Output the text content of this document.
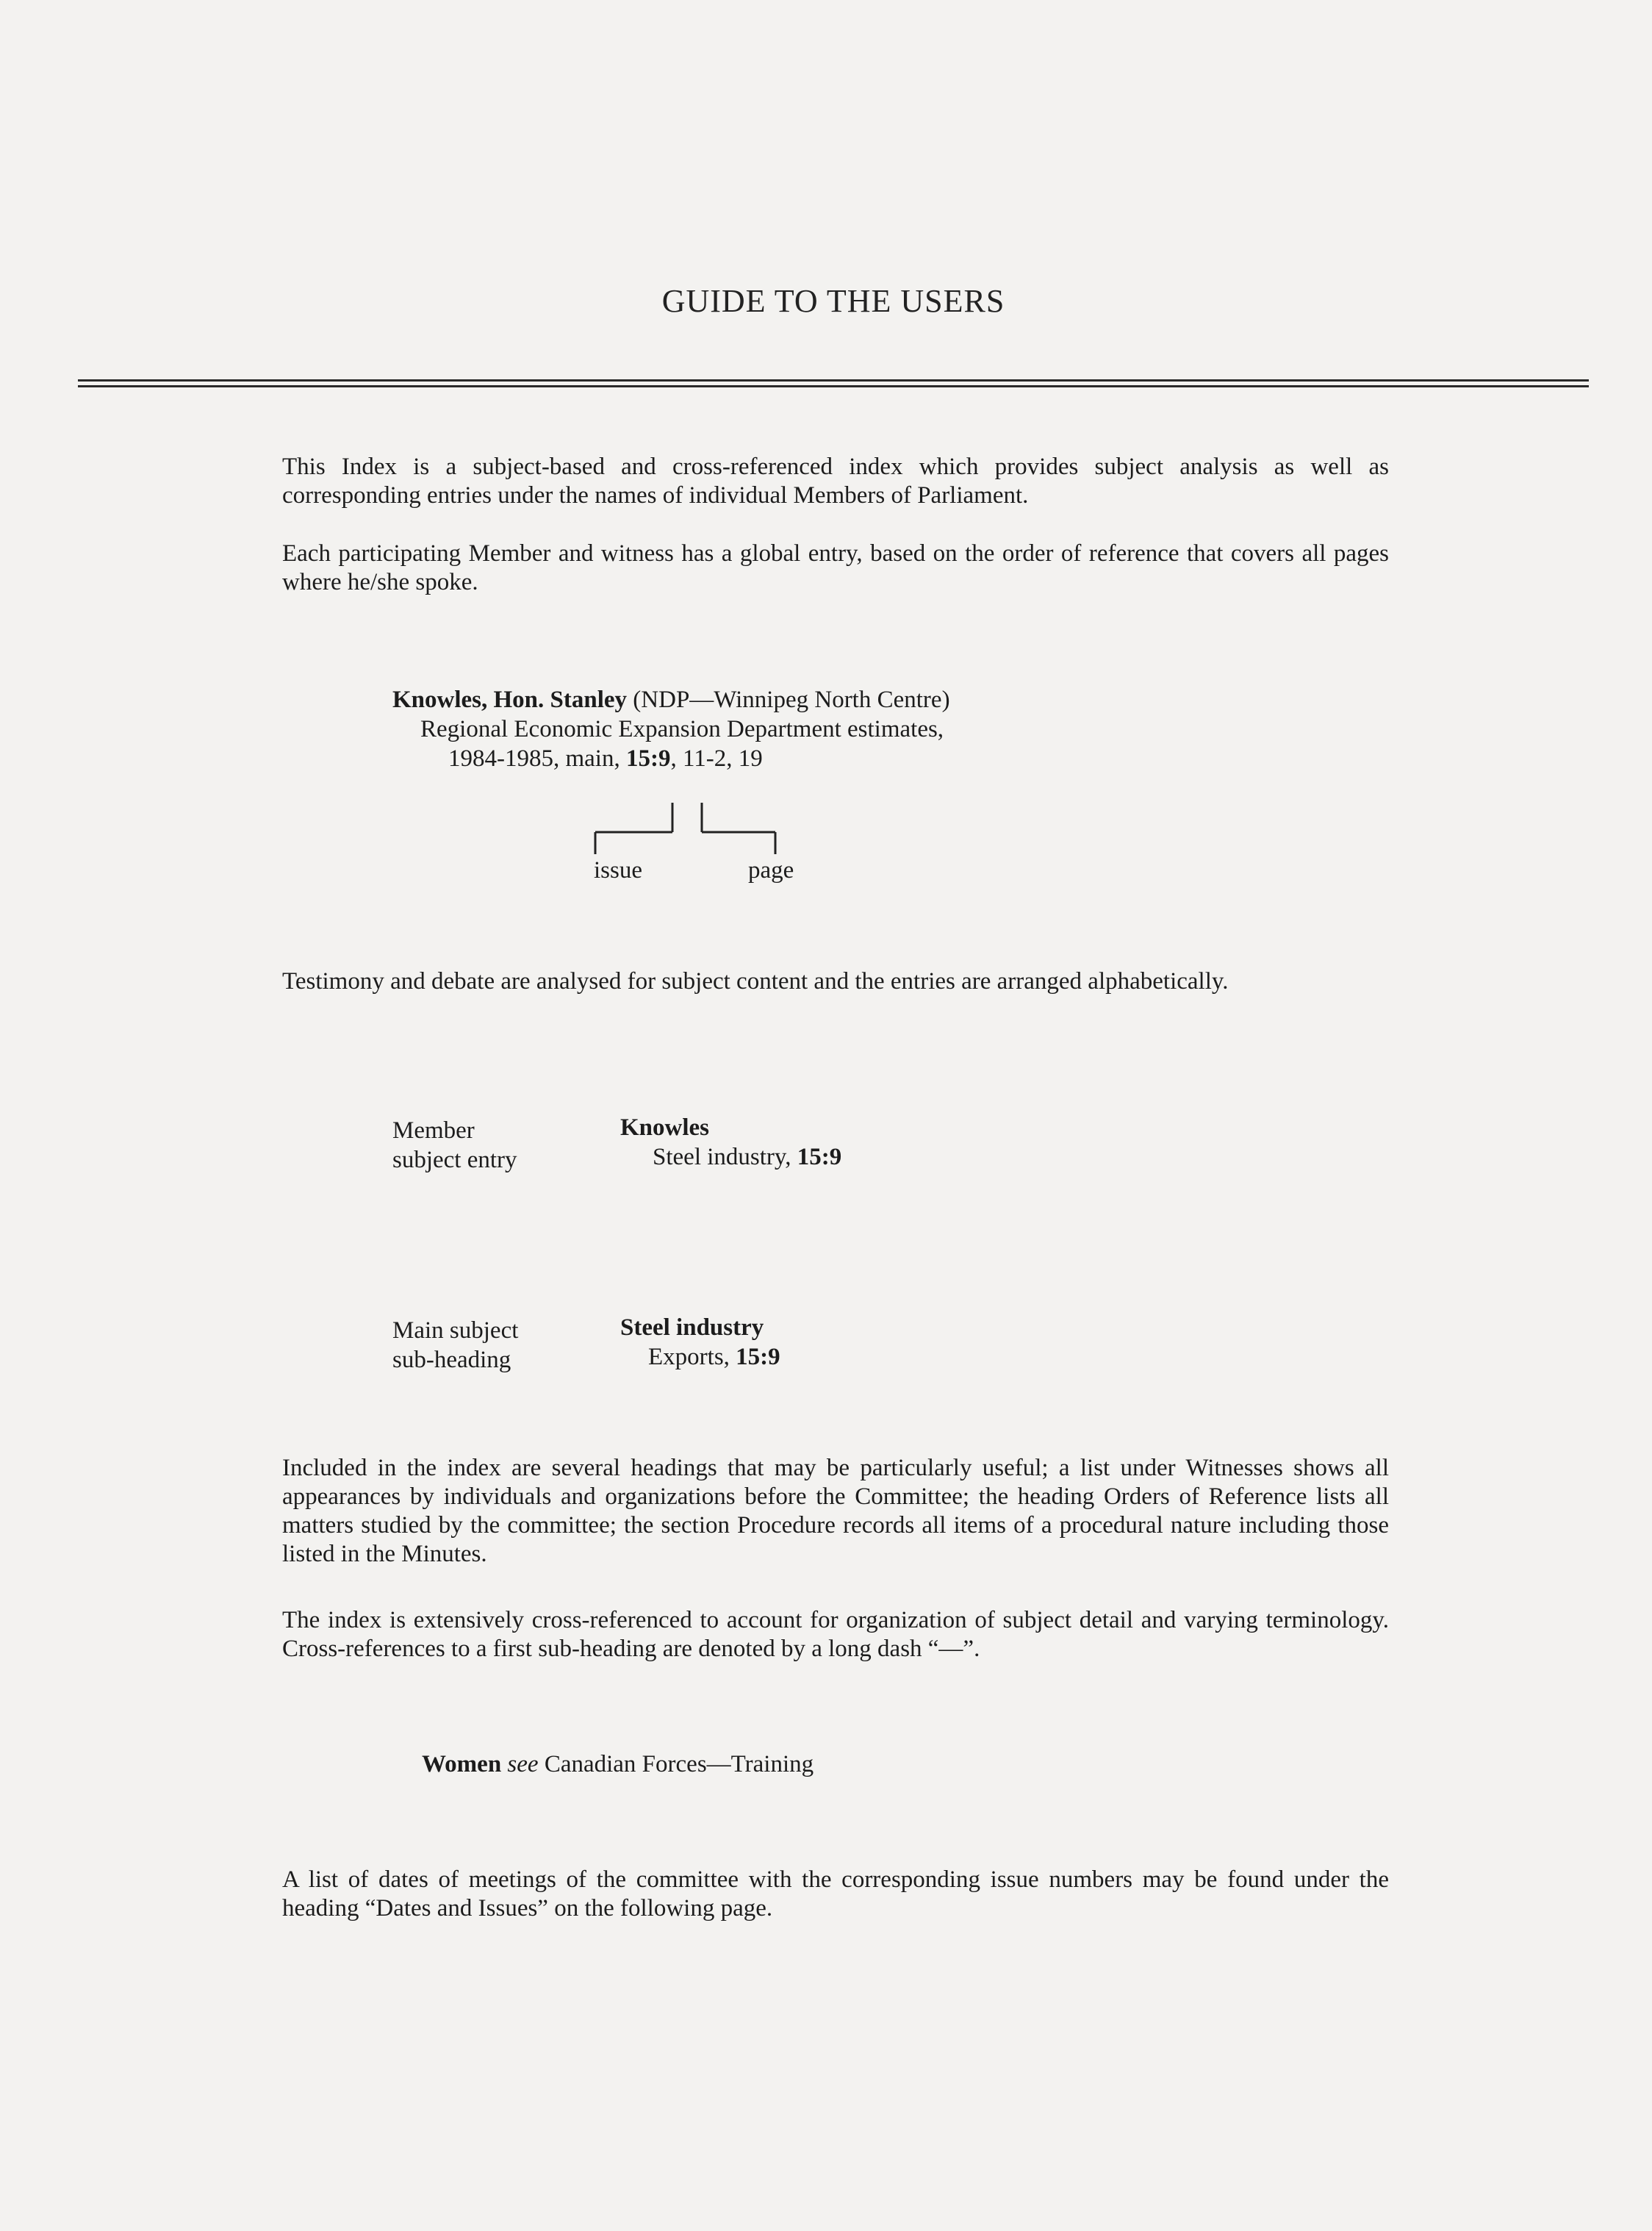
GUIDE TO THE USERS
This Index is a subject-based and cross-referenced index which provides subject analysis as well as corresponding entries under the names of individual Members of Parliament.
Each participating Member and witness has a global entry, based on the order of reference that covers all pages where he/she spoke.
Knowles, Hon. Stanley (NDP—Winnipeg North Centre)
Regional Economic Expansion Department estimates,
1984-1985, main, 15:9, 11-2, 19
issue	page
Testimony and debate are analysed for subject content and the entries are arranged alphabetically.
Member
subject entry
Knowles
Steel industry, 15:9
Main subject
sub-heading
Steel industry
Exports, 15:9
Included in the index are several headings that may be particularly useful; a list under Witnesses shows all appearances by individuals and organizations before the Committee; the heading Orders of Reference lists all matters studied by the committee; the section Procedure records all items of a procedural nature including those listed in the Minutes.
The index is extensively cross-referenced to account for organization of subject detail and varying terminology. Cross-references to a first sub-heading are denoted by a long dash “—”.
Women see Canadian Forces—Training
A list of dates of meetings of the committee with the corresponding issue numbers may be found under the heading “Dates and Issues” on the following page.
